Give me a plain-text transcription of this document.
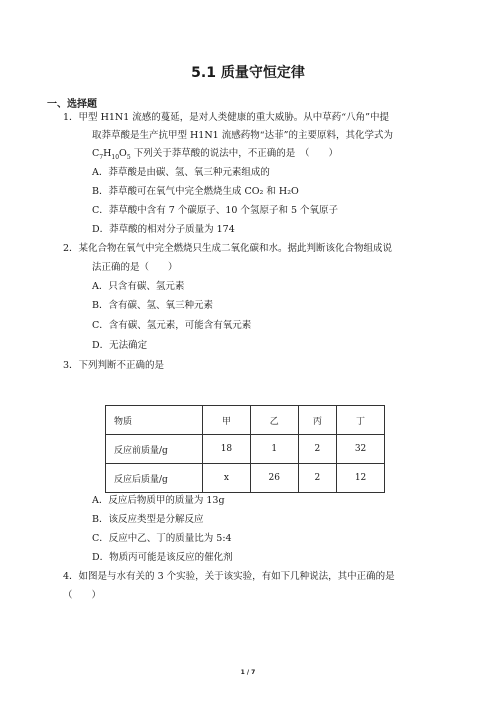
5.1 质量守恒定律
一、选择题
1．甲型 H1N1 流感的蔓延，是对人类健康的重大威胁。从中草药“八角”中提
取莽草酸是生产抗甲型 H1N1 流感药物“达菲”的主要原料，其化学式为
$C_7H_{10}O_5$ 下列关于莽草酸的说法中，不正确的是　（　　）
A．莽草酸是由碳、氢、氧三种元素组成的
B．莽草酸可在氧气中完全燃烧生成 CO₂ 和 H₂O
C．莽草酸中含有 7 个碳原子、10 个氢原子和 5 个氧原子
D．莽草酸的相对分子质量为 174
2．某化合物在氧气中完全燃烧只生成二氧化碳和水。据此判断该化合物组成说
法正确的是（　　）
A．只含有碳、氢元素
B．含有碳、氢、氧三种元素
C．含有碳、氢元素，可能含有氧元素
D．无法确定
3．下列判断不正确的是
物质	甲	乙	丙	丁
反应前质量/g	18	1	2	32
反应后质量/g	x	26	2	12
A．反应后物质甲的质量为 13g
B．该反应类型是分解反应
C．反应中乙、丁的质量比为 5:4
D．物质丙可能是该反应的催化剂
4．如图是与水有关的 3 个实验，关于该实验，有如下几种说法，其中正确的是
（　　）
1 / 7
